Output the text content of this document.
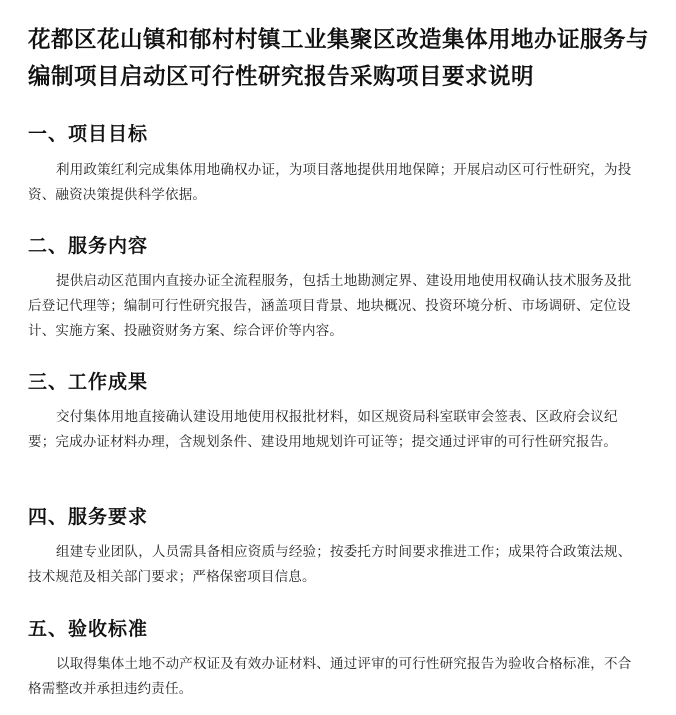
花都区花山镇和郁村村镇工业集聚区改造集体用地办证服务与编制项目启动区可行性研究报告采购项目要求说明
一、项目目标

利用政策红利完成集体用地确权办证，为项目落地提供用地保障；开展启动区可行性研究，为投资、融资决策提供科学依据。

二、服务内容

提供启动区范围内直接办证全流程服务，包括土地勘测定界、建设用地使用权确认技术服务及批后登记代理等；编制可行性研究报告，涵盖项目背景、地块概况、投资环境分析、市场调研、定位设计、实施方案、投融资财务方案、综合评价等内容。

三、工作成果

交付集体用地直接确认建设用地使用权报批材料，如区规资局科室联审会签表、区政府会议纪要；完成办证材料办理，含规划条件、建设用地规划许可证等；提交通过评审的可行性研究报告。

四、服务要求

组建专业团队，人员需具备相应资质与经验；按委托方时间要求推进工作；成果符合政策法规、技术规范及相关部门要求；严格保密项目信息。

五、验收标准

以取得集体土地不动产权证及有效办证材料、通过评审的可行性研究报告为验收合格标准，不合格需整改并承担违约责任。
